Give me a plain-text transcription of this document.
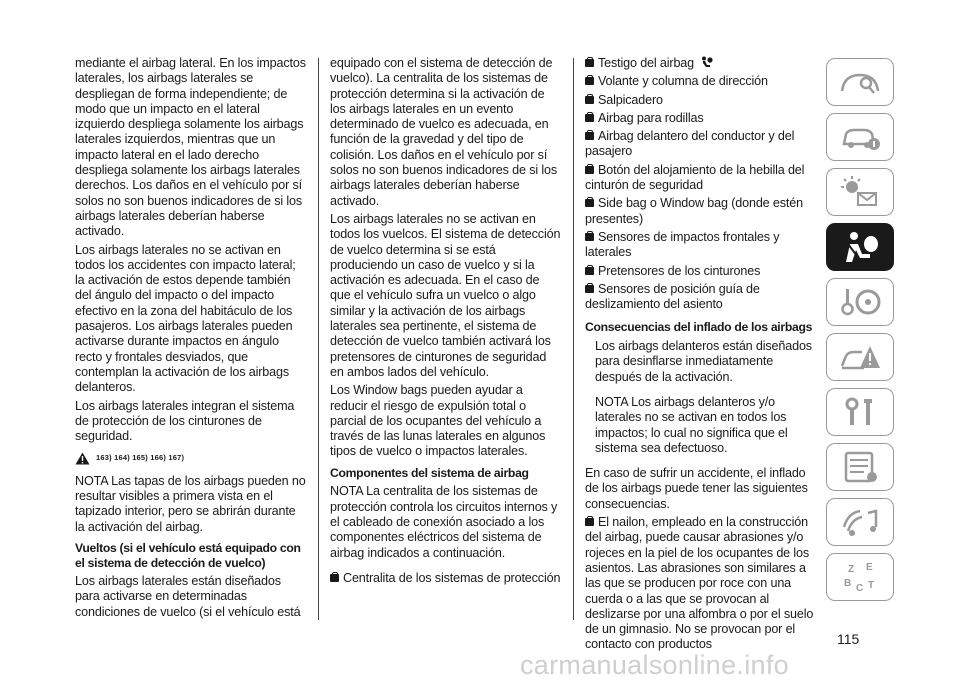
mediante el airbag lateral. En los impactos laterales, los airbags laterales se despliegan de forma independiente; de modo que un impacto en el lateral izquierdo despliega solamente los airbags laterales izquierdos, mientras que un impacto lateral en el lado derecho despliega solamente los airbags laterales derechos. Los daños en el vehículo por sí solos no son buenos indicadores de si los airbags laterales deberían haberse activado.

Los airbags laterales no se activan en todos los accidentes con impacto lateral; la activación de estos depende también del ángulo del impacto o del impacto efectivo en la zona del habitáculo de los pasajeros. Los airbags laterales pueden activarse durante impactos en ángulo recto y frontales desviados, que contemplan la activación de los airbags delanteros.

Los airbags laterales integran el sistema de protección de los cinturones de seguridad.

163) 164) 165) 166) 167)

NOTA Las tapas de los airbags pueden no resultar visibles a primera vista en el tapizado interior, pero se abrirán durante la activación del airbag.

Vueltos (si el vehículo está equipado con el sistema de detección de vuelco)

Los airbags laterales están diseñados para activarse en determinadas condiciones de vuelco (si el vehículo está

equipado con el sistema de detección de vuelco). La centralita de los sistemas de protección determina si la activación de los airbags laterales en un evento determinado de vuelco es adecuada, en función de la gravedad y del tipo de colisión. Los daños en el vehículo por sí solos no son buenos indicadores de si los airbags laterales deberían haberse activado.

Los airbags laterales no se activan en todos los vuelcos. El sistema de detección de vuelco determina si se está produciendo un caso de vuelco y si la activación es adecuada. En el caso de que el vehículo sufra un vuelco o algo similar y la activación de los airbags laterales sea pertinente, el sistema de detección de vuelco también activará los pretensores de cinturones de seguridad en ambos lados del vehículo.

Los Window bags pueden ayudar a reducir el riesgo de expulsión total o parcial de los ocupantes del vehículo a través de las lunas laterales en algunos tipos de vuelco o impactos laterales.

Componentes del sistema de airbag

NOTA La centralita de los sistemas de protección controla los circuitos internos y el cableado de conexión asociado a los componentes eléctricos del sistema de airbag indicados a continuación.

Centralita de los sistemas de protección

Testigo del airbag

Volante y columna de dirección

Salpicadero

Airbag para rodillas

Airbag delantero del conductor y del pasajero

Botón del alojamiento de la hebilla del cinturón de seguridad

Side bag o Window bag (donde estén presentes)

Sensores de impactos frontales y laterales

Pretensores de los cinturones

Sensores de posición guía de deslizamiento del asiento

Consecuencias del inflado de los airbags

Los airbags delanteros están diseñados para desinflarse inmediatamente después de la activación.

NOTA Los airbags delanteros y/o laterales no se activan en todos los impactos; lo cual no significa que el sistema sea defectuoso.

En caso de sufrir un accidente, el inflado de los airbags puede tener las siguientes consecuencias.

El nailon, empleado en la construcción del airbag, puede causar abrasiones y/o rojeces en la piel de los ocupantes de los asientos. Las abrasiones son similares a las que se producen por roce con una cuerda o a las que se provocan al deslizarse por una alfombra o por el suelo de un gimnasio. No se provocan por el contacto con productos

Z E
B C T
115
carmanualsonline.info
